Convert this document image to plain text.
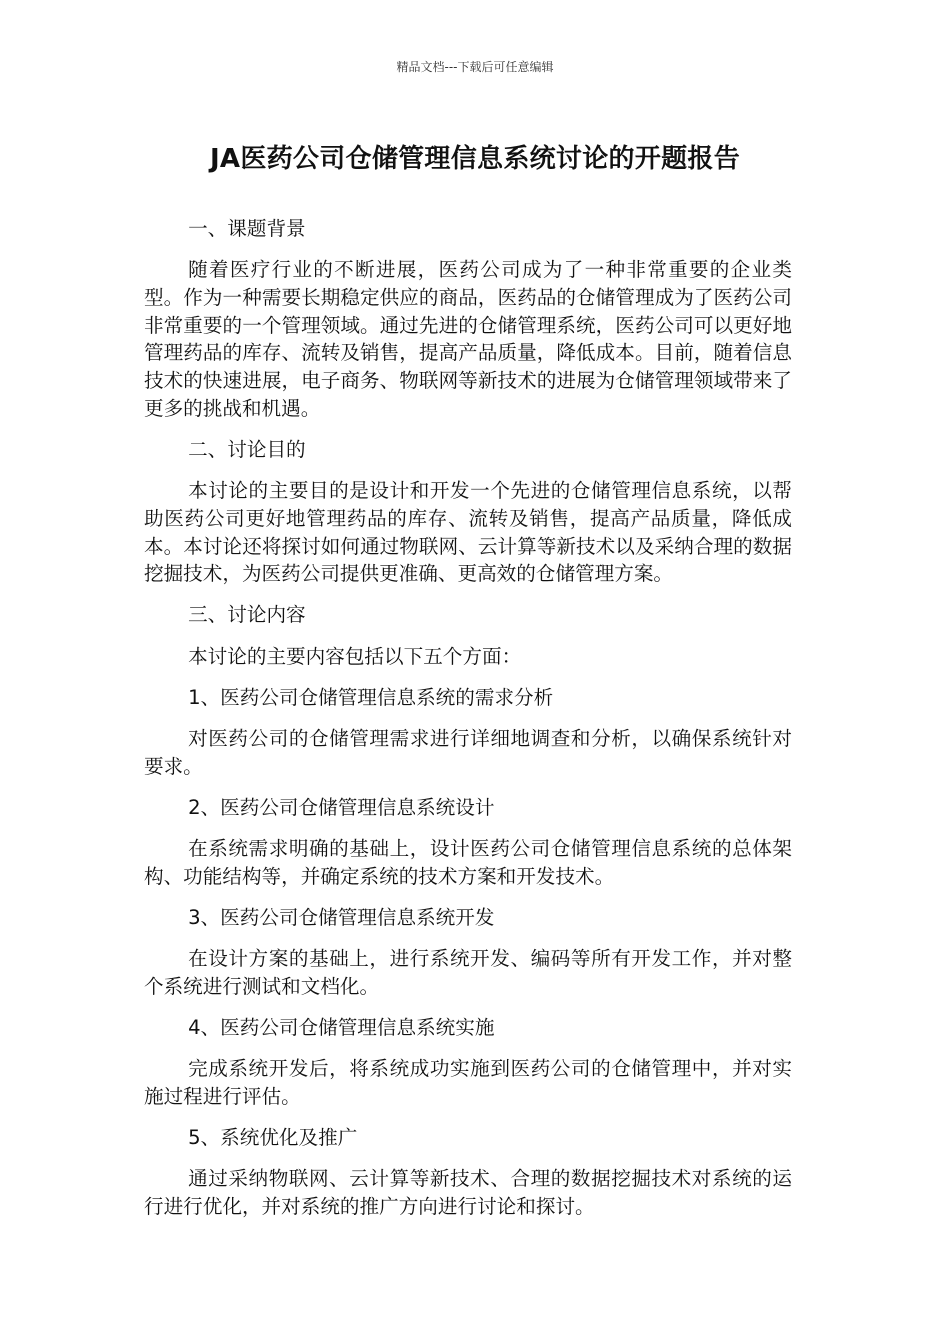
精品文档---下载后可任意编辑
JA医药公司仓储管理信息系统讨论的开题报告

一、课题背景

随着医疗行业的不断进展，医药公司成为了一种非常重要的企业类型。作为一种需要长期稳定供应的商品，医药品的仓储管理成为了医药公司非常重要的一个管理领域。通过先进的仓储管理系统，医药公司可以更好地管理药品的库存、流转及销售，提高产品质量，降低成本。目前，随着信息技术的快速进展，电子商务、物联网等新技术的进展为仓储管理领域带来了更多的挑战和机遇。

二、讨论目的

本讨论的主要目的是设计和开发一个先进的仓储管理信息系统，以帮助医药公司更好地管理药品的库存、流转及销售，提高产品质量，降低成本。本讨论还将探讨如何通过物联网、云计算等新技术以及采纳合理的数据挖掘技术，为医药公司提供更准确、更高效的仓储管理方案。

三、讨论内容

本讨论的主要内容包括以下五个方面：

1、医药公司仓储管理信息系统的需求分析

对医药公司的仓储管理需求进行详细地调查和分析，以确保系统针对要求。

2、医药公司仓储管理信息系统设计

在系统需求明确的基础上，设计医药公司仓储管理信息系统的总体架构、功能结构等，并确定系统的技术方案和开发技术。

3、医药公司仓储管理信息系统开发

在设计方案的基础上，进行系统开发、编码等所有开发工作，并对整个系统进行测试和文档化。

4、医药公司仓储管理信息系统实施

完成系统开发后，将系统成功实施到医药公司的仓储管理中，并对实施过程进行评估。

5、系统优化及推广

通过采纳物联网、云计算等新技术、合理的数据挖掘技术对系统的运行进行优化，并对系统的推广方向进行讨论和探讨。
